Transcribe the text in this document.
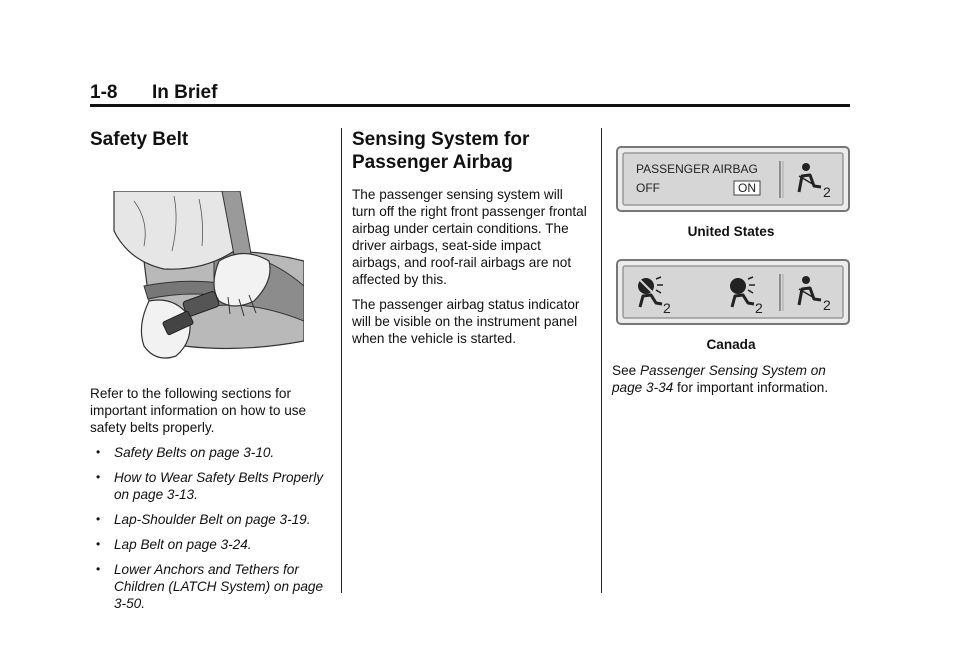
1-8 In Brief
Safety Belt

Refer to the following sections for important information on how to use safety belts properly.

• Safety Belts on page 3-10.
• How to Wear Safety Belts Properly on page 3-13.
• Lap-Shoulder Belt on page 3-19.
• Lap Belt on page 3-24.
• Lower Anchors and Tethers for Children (LATCH System) on page 3-50.
Sensing System for
Passenger Airbag

The passenger sensing system will turn off the right front passenger frontal airbag under certain conditions. The driver airbags, seat-side impact airbags, and roof-rail airbags are not affected by this.

The passenger airbag status indicator will be visible on the instrument panel when the vehicle is started.

PASSENGER AIRBAG
OFF	ON	2
United States
2	2	2
Canada

See Passenger Sensing System on page 3-34 for important information.
